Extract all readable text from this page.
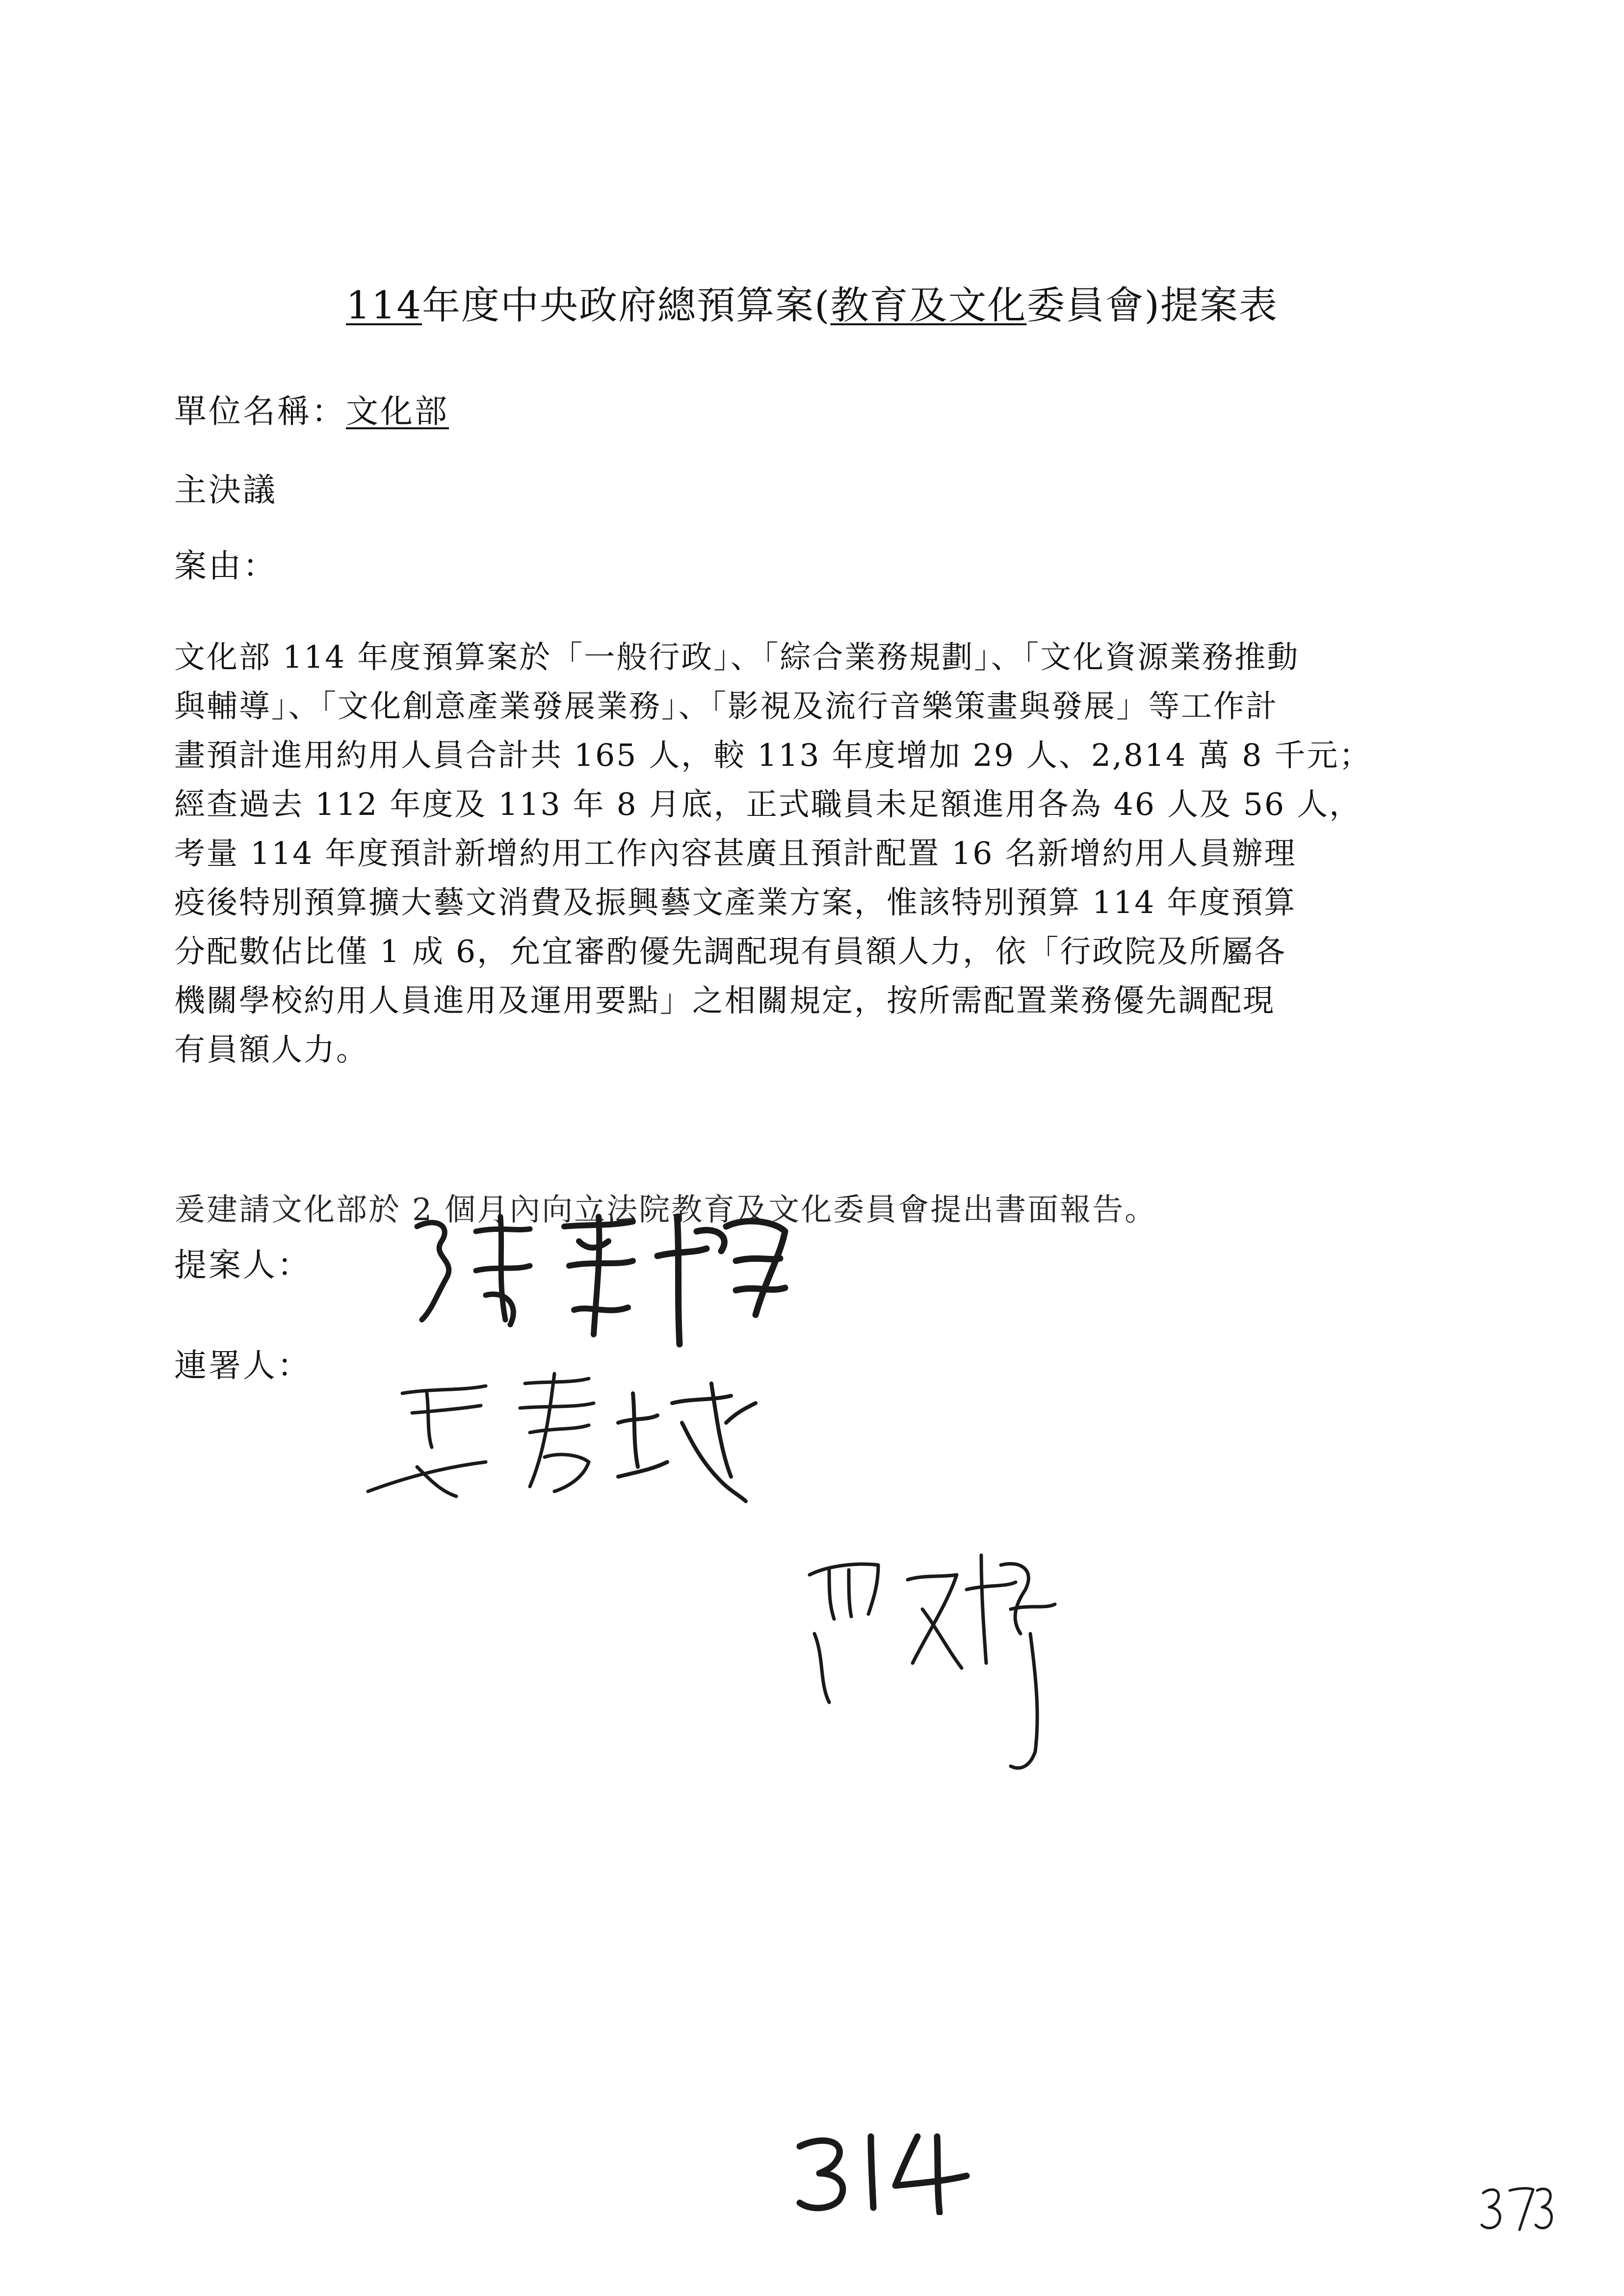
114年度中央政府總預算案(教育及文化委員會)提案表
單位名稱：文化部
主決議
案由：
文化部 114 年度預算案於「一般行政」、「綜合業務規劃」、「文化資源業務推動
與輔導」、「文化創意產業發展業務」、「影視及流行音樂策畫與發展」等工作計
畫預計進用約用人員合計共 165 人，較 113 年度增加 29 人、2,814 萬 8 千元；
經查過去 112 年度及 113 年 8 月底，正式職員未足額進用各為 46 人及 56 人，
考量 114 年度預計新增約用工作內容甚廣且預計配置 16 名新增約用人員辦理
疫後特別預算擴大藝文消費及振興藝文產業方案，惟該特別預算 114 年度預算
分配數佔比僅 1 成 6，允宜審酌優先調配現有員額人力，依「行政院及所屬各
機關學校約用人員進用及運用要點」之相關規定，按所需配置業務優先調配現
有員額人力。
爰建請文化部於 2 個月內向立法院教育及文化委員會提出書面報告。
提案人：
連署人：
